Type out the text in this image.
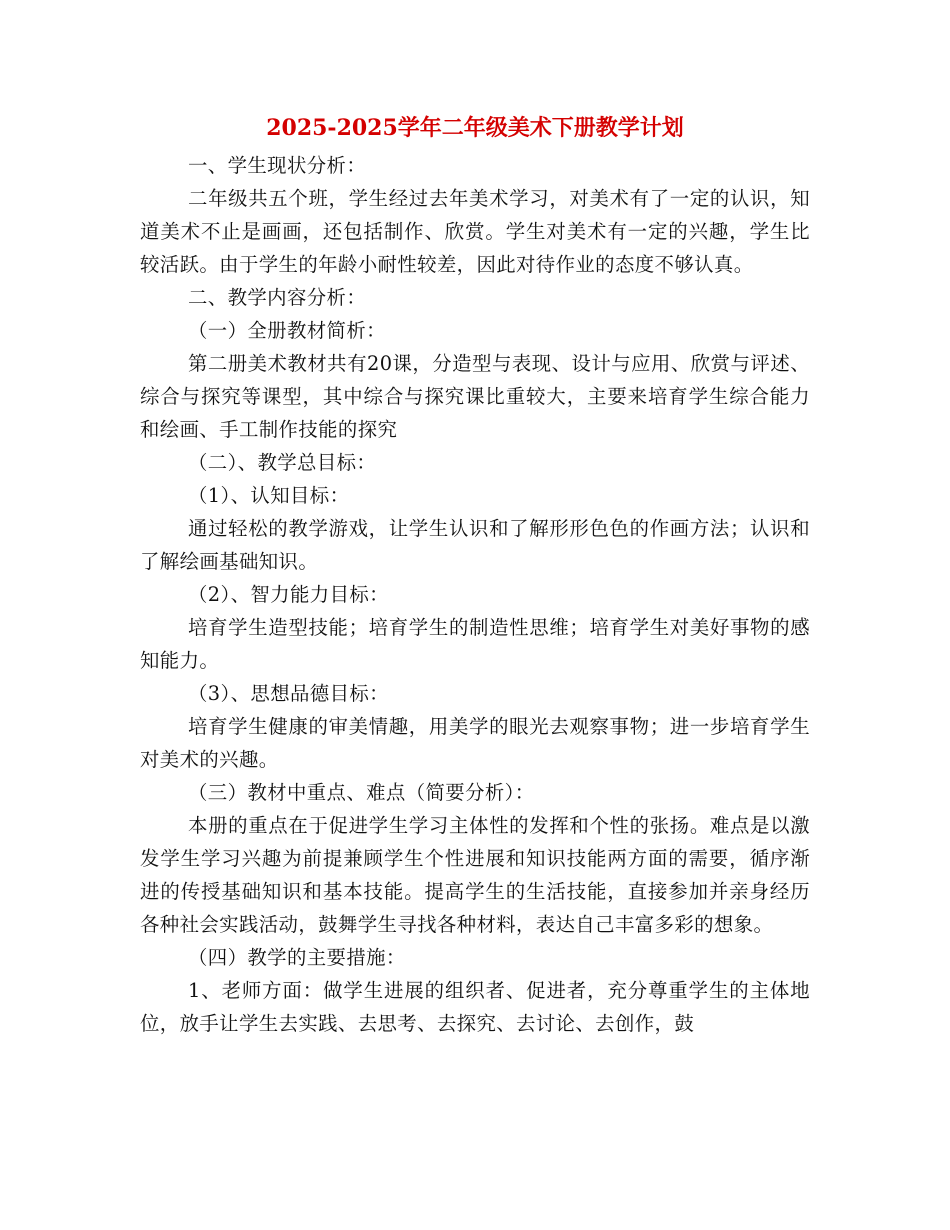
2025-2025学年二年级美术下册教学计划

一、学生现状分析：

二年级共五个班，学生经过去年美术学习，对美术有了一定的认识，知道美术不止是画画，还包括制作、欣赏。学生对美术有一定的兴趣，学生比较活跃。由于学生的年龄小耐性较差，因此对待作业的态度不够认真。

二、教学内容分析：

（一）全册教材简析：

第二册美术教材共有20课，分造型与表现、设计与应用、欣赏与评述、综合与探究等课型，其中综合与探究课比重较大，主要来培育学生综合能力和绘画、手工制作技能的探究

（二）、教学总目标：

（1）、认知目标：

通过轻松的教学游戏，让学生认识和了解形形色色的作画方法；认识和了解绘画基础知识。

（2）、智力能力目标：

培育学生造型技能；培育学生的制造性思维；培育学生对美好事物的感知能力。

（3）、思想品德目标：

培育学生健康的审美情趣，用美学的眼光去观察事物；进一步培育学生对美术的兴趣。

（三）教材中重点、难点（简要分析）：

本册的重点在于促进学生学习主体性的发挥和个性的张扬。难点是以激发学生学习兴趣为前提兼顾学生个性进展和知识技能两方面的需要，循序渐进的传授基础知识和基本技能。提高学生的生活技能，直接参加并亲身经历各种社会实践活动，鼓舞学生寻找各种材料，表达自己丰富多彩的想象。

（四）教学的主要措施：

1、老师方面：做学生进展的组织者、促进者，充分尊重学生的主体地位，放手让学生去实践、去思考、去探究、去讨论、去创作，鼓
